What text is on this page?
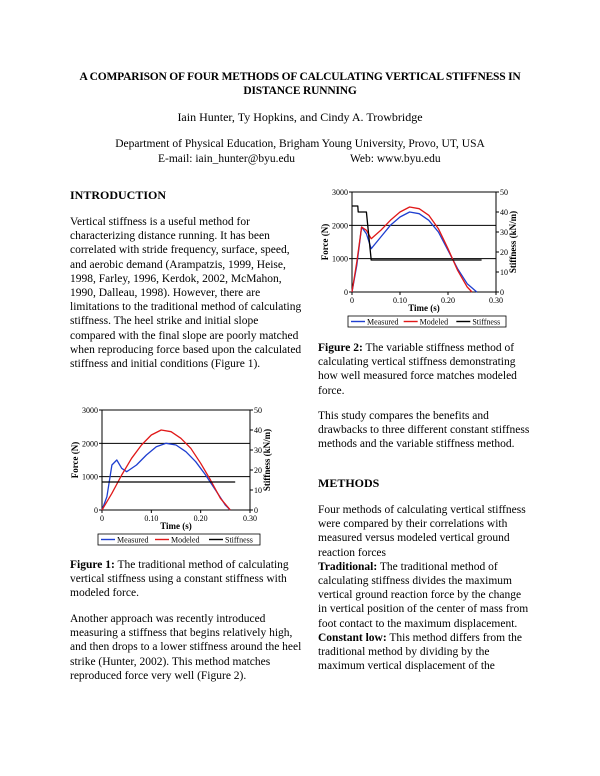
A COMPARISON OF FOUR METHODS OF CALCULATING VERTICAL STIFFNESS IN DISTANCE RUNNING
Iain Hunter, Ty Hopkins, and Cindy A. Trowbridge
Department of Physical Education, Brigham Young University, Provo, UT, USA
E-mail: iain_hunter@byu.edu	Web: www.byu.edu
INTRODUCTION
Vertical stiffness is a useful method for characterizing distance running. It has been correlated with stride frequency, surface, speed, and aerobic demand (Arampatzis, 1999, Heise, 1998, Farley, 1996, Kerdok, 2002, McMahon, 1990, Dalleau, 1998). However, there are limitations to the traditional method of calculating stiffness. The heel strike and initial slope compared with the final slope are poorly matched when reproducing force based upon the calculated stiffness and initial conditions (Figure 1).
0
1000
2000
3000
0
10
20
30
40
50
0	0.10	0.20	0.30
Time (s)
Force (N)	Stiffness (kN/m)
Measured	Modeled	Stiffness
Figure 1: The traditional method of calculating vertical stiffness using a constant stiffness with modeled force.
Another approach was recently introduced measuring a stiffness that begins relatively high, and then drops to a lower stiffness around the heel strike (Hunter, 2002). This method matches reproduced force very well (Figure 2).
0
1000
2000
3000
0
10
20
30
40
50
0	0.10	0.20	0.30
Time (s)
Force (N)	Stiffness (kN/m)
Measured	Modeled	Stiffness
Figure 2: The variable stiffness method of calculating vertical stiffness demonstrating how well measured force matches modeled force.
This study compares the benefits and drawbacks to three different constant stiffness methods and the variable stiffness method.
METHODS
Four methods of calculating vertical stiffness were compared by their correlations with measured versus modeled vertical ground reaction forces
Traditional: The traditional method of calculating stiffness divides the maximum vertical ground reaction force by the change in vertical position of the center of mass from foot contact to the maximum displacement.
Constant low: This method differs from the traditional method by dividing by the maximum vertical displacement of the
